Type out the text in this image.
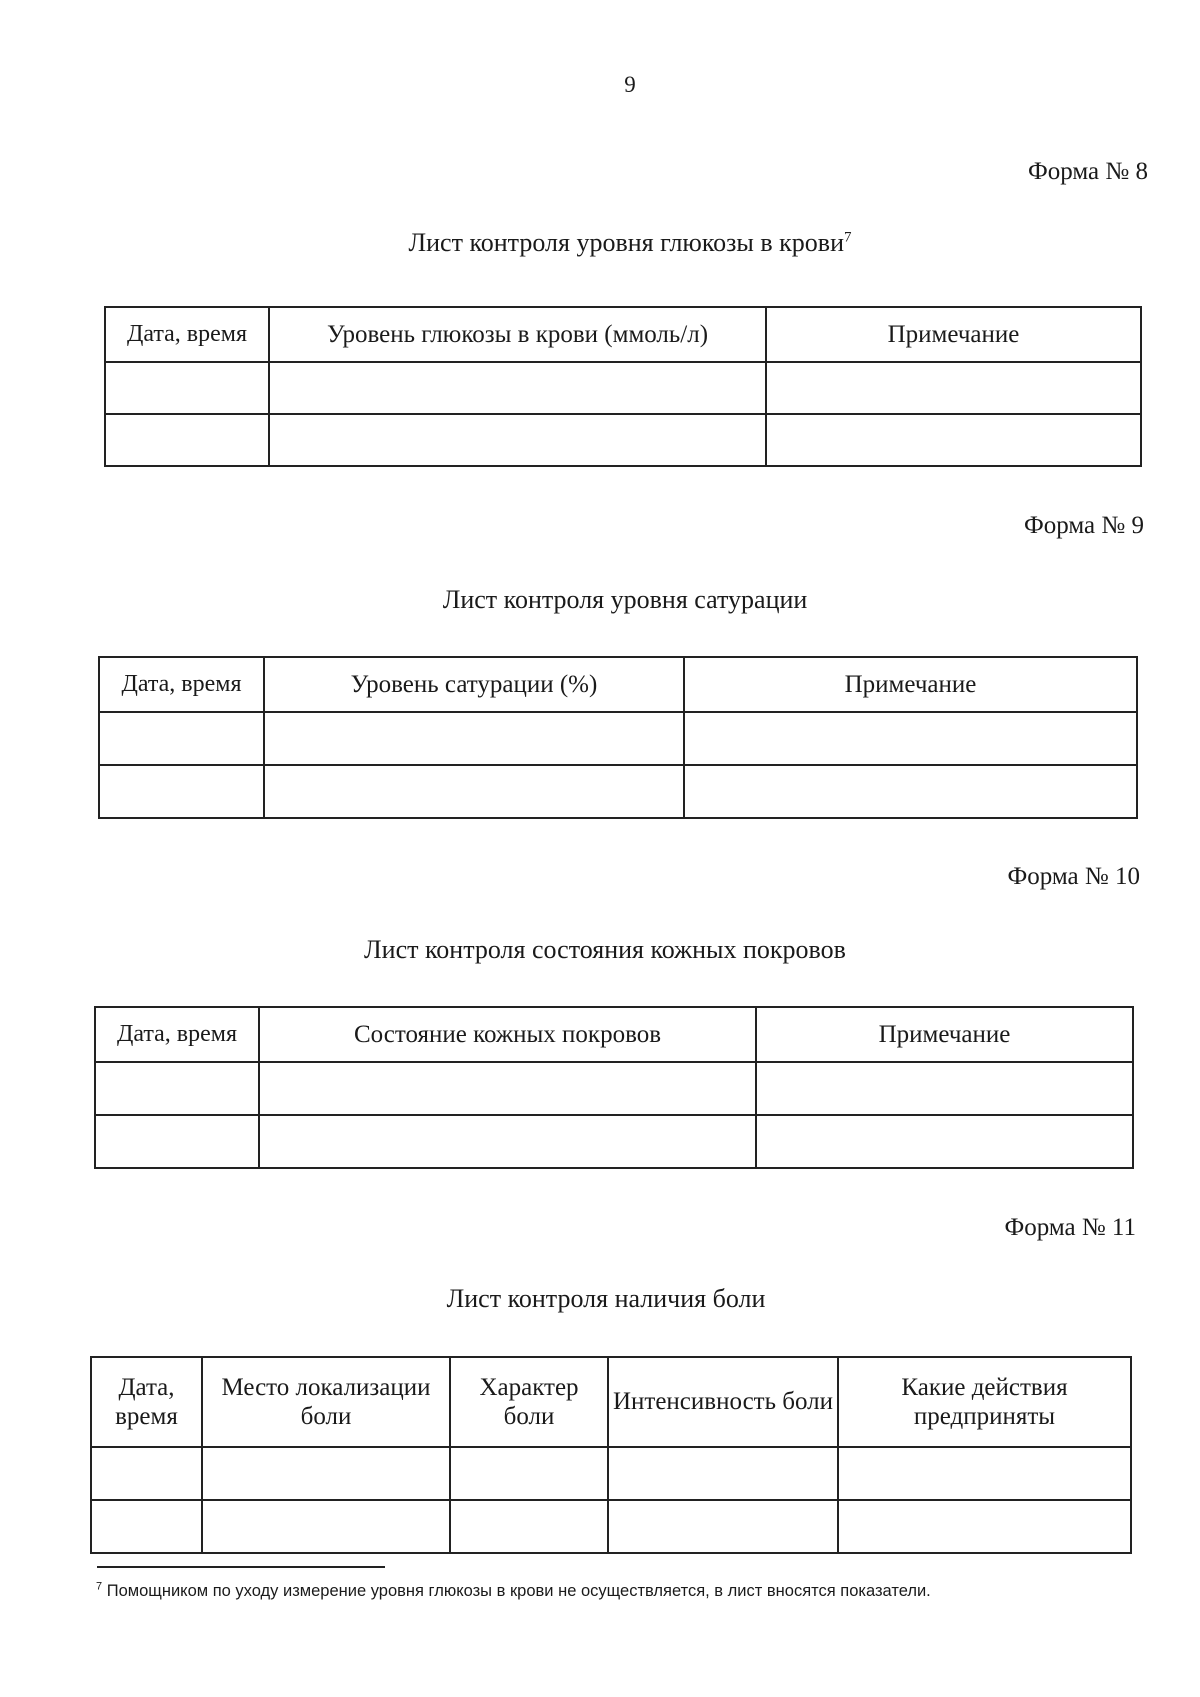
9
Форма № 8
Лист контроля уровня глюкозы в крови$^7$
Дата, время	Уровень глюкозы в крови (ммоль/л)	Примечание

Форма № 9
Лист контроля уровня сатурации
Дата, время	Уровень сатурации (%)	Примечание

Форма № 10
Лист контроля состояния кожных покровов
Дата, время	Состояние кожных покровов	Примечание

Форма № 11
Лист контроля наличия боли
Дата, время	Место локализации боли	Характер боли	Интенсивность боли	Какие действия предприняты

$^7$ Помощником по уходу измерение уровня глюкозы в крови не осуществляется, в лист вносятся показатели.
